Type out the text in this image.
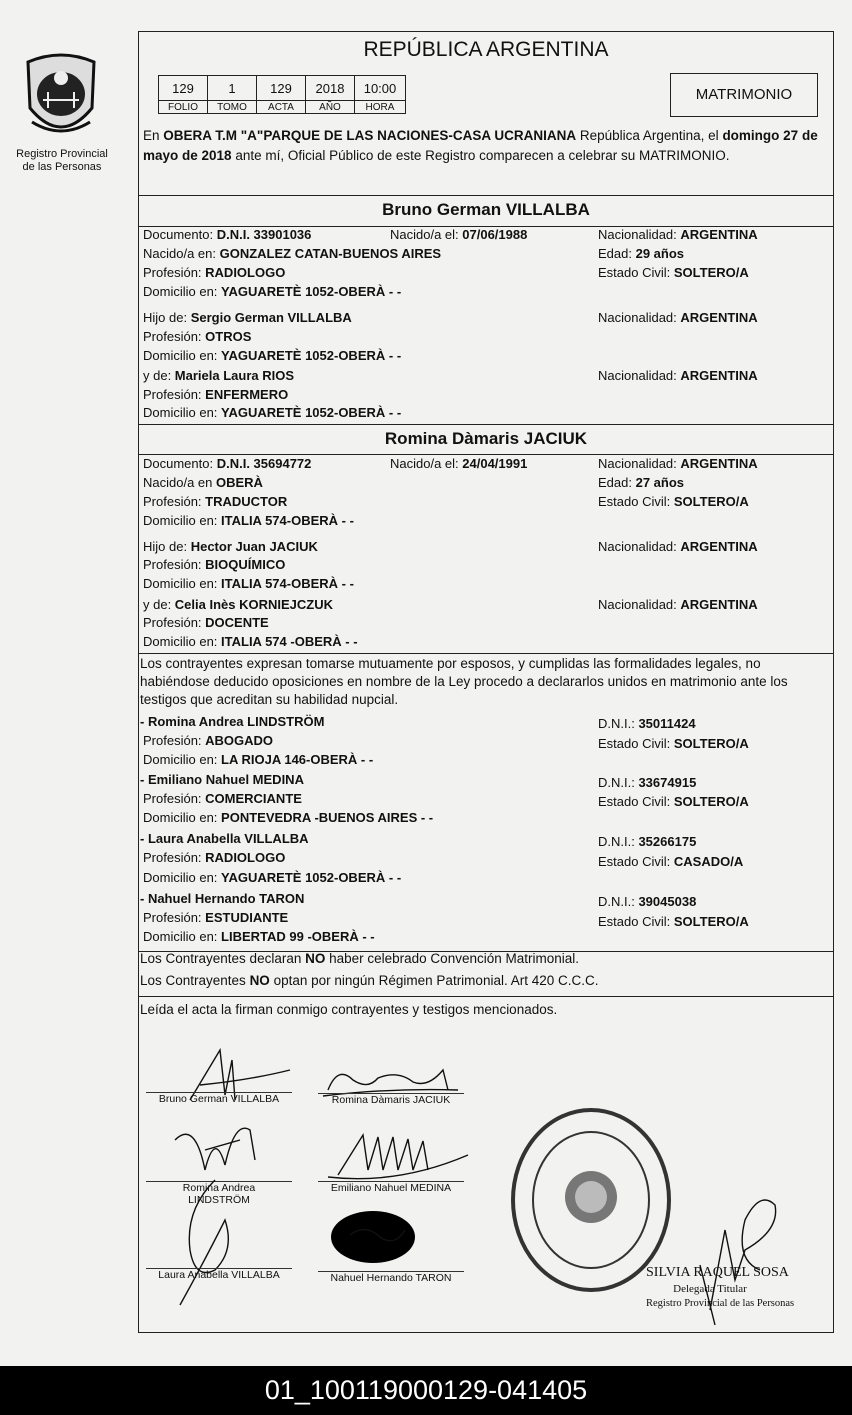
Registro Provincial
de las Personas
REPÚBLICA ARGENTINA
129	1	129	2018	10:00
FOLIO	TOMO	ACTA	AÑO	HORA
MATRIMONIO
En OBERA T.M "A"PARQUE DE LAS NACIONES-CASA UCRANIANA República Argentina, el domingo 27 de mayo de 2018 ante mí, Oficial Público de este Registro comparecen a celebrar su MATRIMONIO.
Bruno German VILLALBA
Documento: D.N.I. 33901036	Nacido/a el: 07/06/1988	Nacionalidad: ARGENTINA
Nacido/a en: GONZALEZ CATAN-BUENOS AIRES	Edad: 29 años
Profesión: RADIOLOGO	Estado Civil: SOLTERO/A
Domicilio en: YAGUARETÈ 1052-OBERÀ - -
Hijo de: Sergio German VILLALBA	Nacionalidad: ARGENTINA
Profesión: OTROS
Domicilio en: YAGUARETÈ 1052-OBERÀ - -
y de: Mariela Laura RIOS	Nacionalidad: ARGENTINA
Profesión: ENFERMERO
Domicilio en: YAGUARETÈ 1052-OBERÀ - -
Romina Dàmaris JACIUK
Documento: D.N.I. 35694772	Nacido/a el: 24/04/1991	Nacionalidad: ARGENTINA
Nacido/a en OBERÀ	Edad: 27 años
Profesión: TRADUCTOR	Estado Civil: SOLTERO/A
Domicilio en: ITALIA 574-OBERÀ - -
Hijo de: Hector Juan JACIUK	Nacionalidad: ARGENTINA
Profesión: BIOQUÍMICO
Domicilio en: ITALIA 574-OBERÀ - -
y de: Celia Inès KORNIEJCZUK	Nacionalidad: ARGENTINA
Profesión: DOCENTE
Domicilio en: ITALIA 574 -OBERÀ - -
Los contrayentes expresan tomarse mutuamente por esposos, y cumplidas las formalidades legales, no habiéndose deducido oposiciones en nombre de la Ley procedo a declararlos unidos en matrimonio ante los testigos que acreditan su habilidad nupcial.
- Romina Andrea LINDSTRÖM	D.N.I.: 35011424
Profesión: ABOGADO	Estado Civil: SOLTERO/A
Domicilio en: LA RIOJA 146-OBERÀ - -
- Emiliano Nahuel MEDINA	D.N.I.: 33674915
Profesión: COMERCIANTE	Estado Civil: SOLTERO/A
Domicilio en: PONTEVEDRA -BUENOS AIRES - -
- Laura Anabella VILLALBA	D.N.I.: 35266175
Profesión: RADIOLOGO	Estado Civil: CASADO/A
Domicilio en: YAGUARETÈ 1052-OBERÀ - -
- Nahuel Hernando TARON	D.N.I.: 39045038
Profesión: ESTUDIANTE	Estado Civil: SOLTERO/A
Domicilio en: LIBERTAD 99 -OBERÀ - -
Los Contrayentes declaran NO haber celebrado Convención Matrimonial.
Los Contrayentes NO optan por ningún Régimen Patrimonial. Art 420 C.C.C.
Leída el acta la firman conmigo contrayentes y testigos mencionados.
Bruno German VILLALBA	Romina Dàmaris JACIUK
Romina Andrea
LINDSTRÖM
Emiliano Nahuel MEDINA
Laura Anabella VILLALBA	Nahuel Hernando TARON	SILVIA RAQUEL SOSA
Delegada Titular
Registro Provincial de las Personas
01_100119000129-041405
